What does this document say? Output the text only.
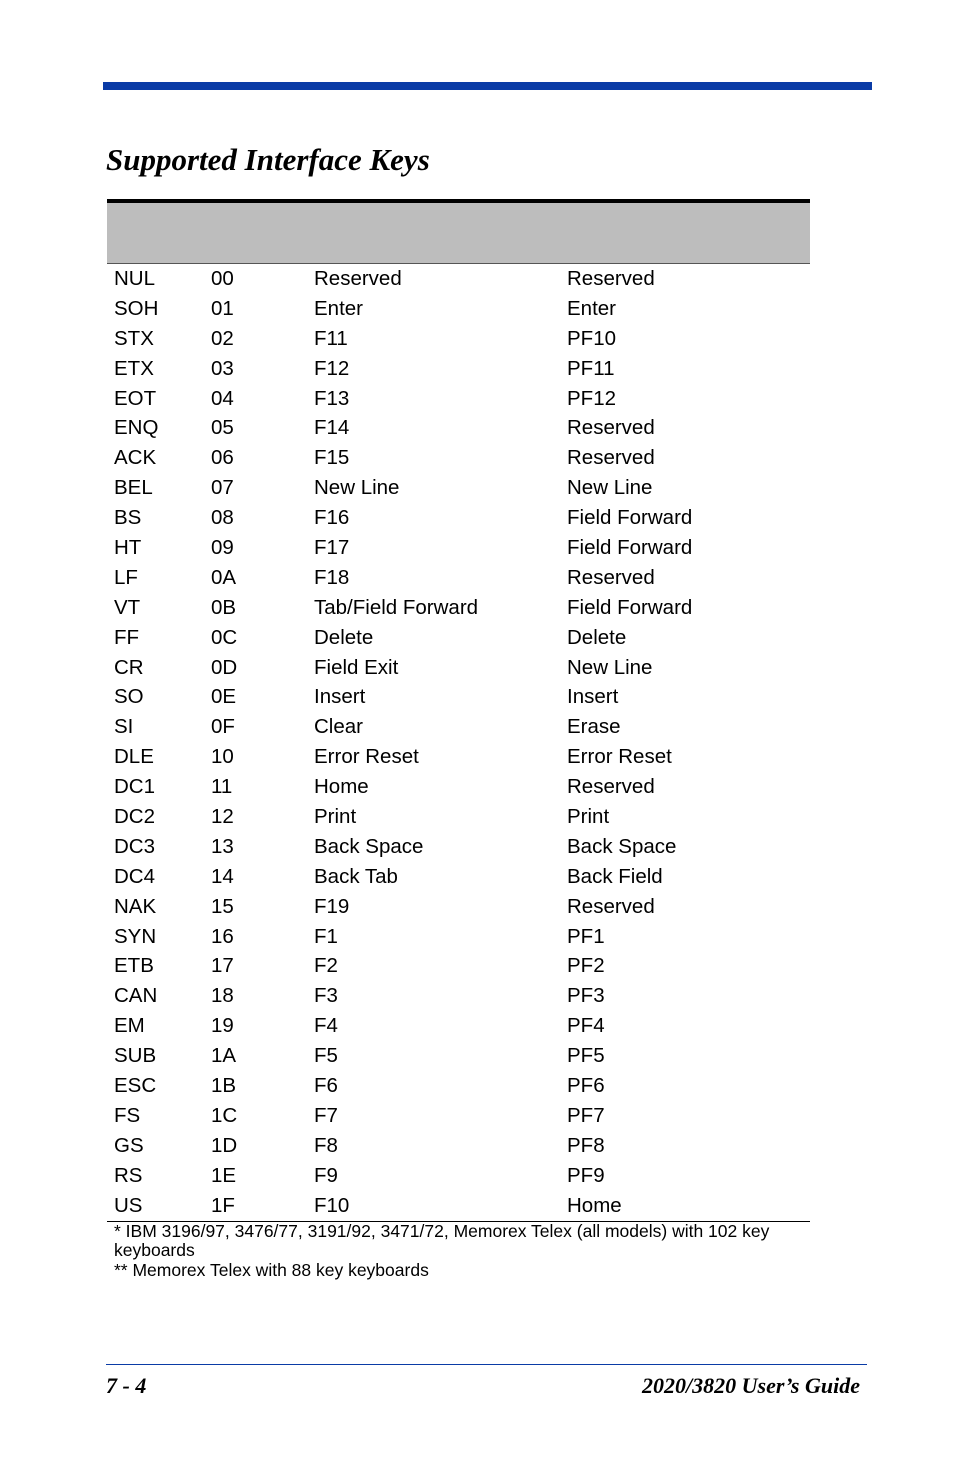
Supported Interface Keys
NUL	00	Reserved	Reserved
SOH	01	Enter	Enter
STX	02	F11	PF10
ETX	03	F12	PF11
EOT	04	F13	PF12
ENQ	05	F14	Reserved
ACK	06	F15	Reserved
BEL	07	New Line	New Line
BS	08	F16	Field Forward
HT	09	F17	Field Forward
LF	0A	F18	Reserved
VT	0B	Tab/Field Forward	Field Forward
FF	0C	Delete	Delete
CR	0D	Field Exit	New Line
SO	0E	Insert	Insert
SI	0F	Clear	Erase
DLE	10	Error Reset	Error Reset
DC1	11	Home	Reserved
DC2	12	Print	Print
DC3	13	Back Space	Back Space
DC4	14	Back Tab	Back Field
NAK	15	F19	Reserved
SYN	16	F1	PF1
ETB	17	F2	PF2
CAN	18	F3	PF3
EM	19	F4	PF4
SUB	1A	F5	PF5
ESC	1B	F6	PF6
FS	1C	F7	PF7
GS	1D	F8	PF8
RS	1E	F9	PF9
US	1F	F10	Home

* IBM 3196/97, 3476/77, 3191/92, 3471/72, Memorex Telex (all models) with 102 key keyboards

** Memorex Telex with 88 key keyboards

7 - 4	2020/3820 User’s Guide
